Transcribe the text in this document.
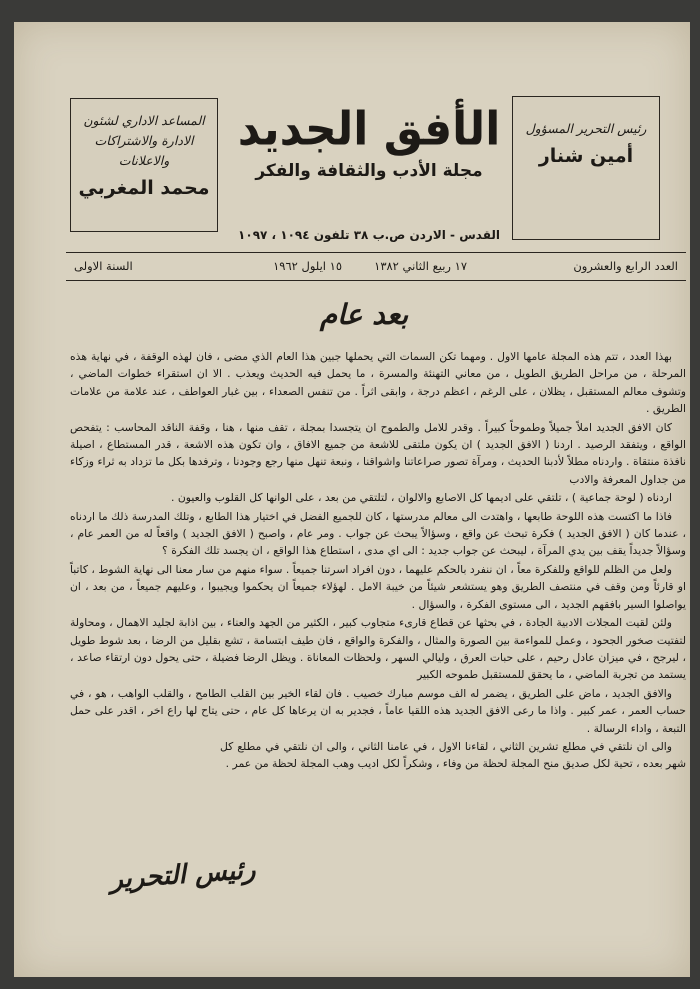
المساعد الاداري لشئون الادارة والاشتراكات والاعلانات
محمد المغربي
الأفق الجديد
مجلة الأدب والثقافة والفكر
رئيس التحرير المسؤول
أمين شنار
القدس - الاردن ص.ب ٣٨ تلفون ١٠٩٤ ، ١٠٩٧
العدد الرابع والعشرون
١٧ ربيع الثاني ١٣٨٢
١٥ ايلول ١٩٦٢
السنة الاولى
بعد عام

بهذا العدد ، تتم هذه المجلة عامها الاول . ومهما تكن السمات التي يحملها جبين هذا العام الذي مضى ، فان لهذه الوقفة ، في نهاية هذه المرحلة ، من مراحل الطريق الطويل ، من معاني التهنئة والمسرة ، ما يحمل فيه الحديث ويعذب . الا ان استقراء خطوات الماضي ، وتشوف معالم المستقبل ، يظلان ، على الرغم ، اعظم درجة ، وابقى اثراً . من تنفس الصعداء ، بين غبار العواطف ، عند علامة من علامات الطريق .

كان الافق الجديد املاً جميلاً وطموحاً كبيراً . وقدر للامل والطموح ان يتجسدا بمجلة ، تقف منها ، هنا ، وقفة الناقد المحاسب : يتفحص الواقع ، ويتفقد الرصيد . اردنا ( الافق الجديد ) ان يكون ملتقى للاشعة من جميع الافاق ، وان تكون هذه الاشعة ، قدر المستطاع ، اصيلة نافذة منتقاة . واردناه مطلاً لأدبنا الحديث ، ومرآة تصور صراعاتنا واشواقنا ، ونبعة تنهل منها رجع وجودنا ، وترفدها بكل ما تزداد به ثراء وزكاء من جداول المعرفة والادب

اردناه ( لوحة جماعية ) ، تلتقي على اديمها كل الاصابع والالوان ، لتلتقي من بعد ، على الوانها كل القلوب والعيون .

فاذا ما اكتست هذه اللوحة طابعها ، واهتدت الى معالم مدرستها ، كان للجميع الفضل في اختيار هذا الطابع ، وتلك المدرسة ذلك ما اردناه ، عندما كان ( الافق الجديد ) فكرة تبحث عن واقع ، وسؤالاً يبحث عن جواب . ومر عام ، واصبح ( الافق الجديد ) واقعاً له من العمر عام ، وسؤالاً جديداً يقف بين يدي المرآة ، ليبحث عن جواب جديد : الى اي مدى ، استطاع هذا الواقع ، ان يجسد تلك الفكرة ؟

ولعل من الظلم للواقع وللفكرة معاً ، ان ننفرد بالحكم عليهما ، دون افراد اسرتنا جميعاً . سواء منهم من سار معنا الى نهاية الشوط ، كاتباً او قارئاً ومن وقف في منتصف الطريق وهو يستشعر شيئاً من خيبة الامل . لهؤلاء جميعاً ان يحكموا ويجيبوا ، وعليهم جميعاً ، من بعد ، ان يواصلوا السير بافقهم الجديد ، الى مستوى الفكرة ، والسؤال .

ولئن لقيت المجلات الادبية الجادة ، في بحثها عن قطاع قارىء متجاوب كبير ، الكثير من الجهد والعناء ، بين اذابة لجليد الاهمال ، ومحاولة لتفتيت صخور الجحود ، وعمل للمواءمة بين الصورة والمثال ، والفكرة والواقع ، فان طيف ابتسامة ، تشع بقليل من الرضا ، بعد شوط طويل ، ليرجح ، في ميزان عادل رحيم ، على حبات العرق ، وليالي السهر ، ولحظات المعاناة . ويظل الرضا فضيلة ، حتى يحول دون ارتقاء صاعد ، يستمد من تجربة الماضي ، ما يحقق للمستقبل طموحه الكبير

والافق الجديد ، ماض على الطريق ، يضمر له الف موسم مبارك خصيب . فان لقاء الخير بين القلب الطامح ، والقلب الواهب ، هو ، في حساب العمر ، عمر كبير . واذا ما رعى الافق الجديد هذه اللقيا عاماً ، فجدير به ان يرعاها كل عام ، حتى يتاح لها راع اخر ، اقدر على حمل التبعة ، واداء الرسالة .

والى ان نلتقي في مطلع تشرين الثاني ، لقاءنا الاول ، في عامنا الثاني ، والى ان نلتقي في مطلع كل شهر بعده ، تحية لكل صديق منح المجلة لحظة من وفاء ، وشكراً لكل اديب وهب المجلة لحظة من عمر .

رئيس التحرير
